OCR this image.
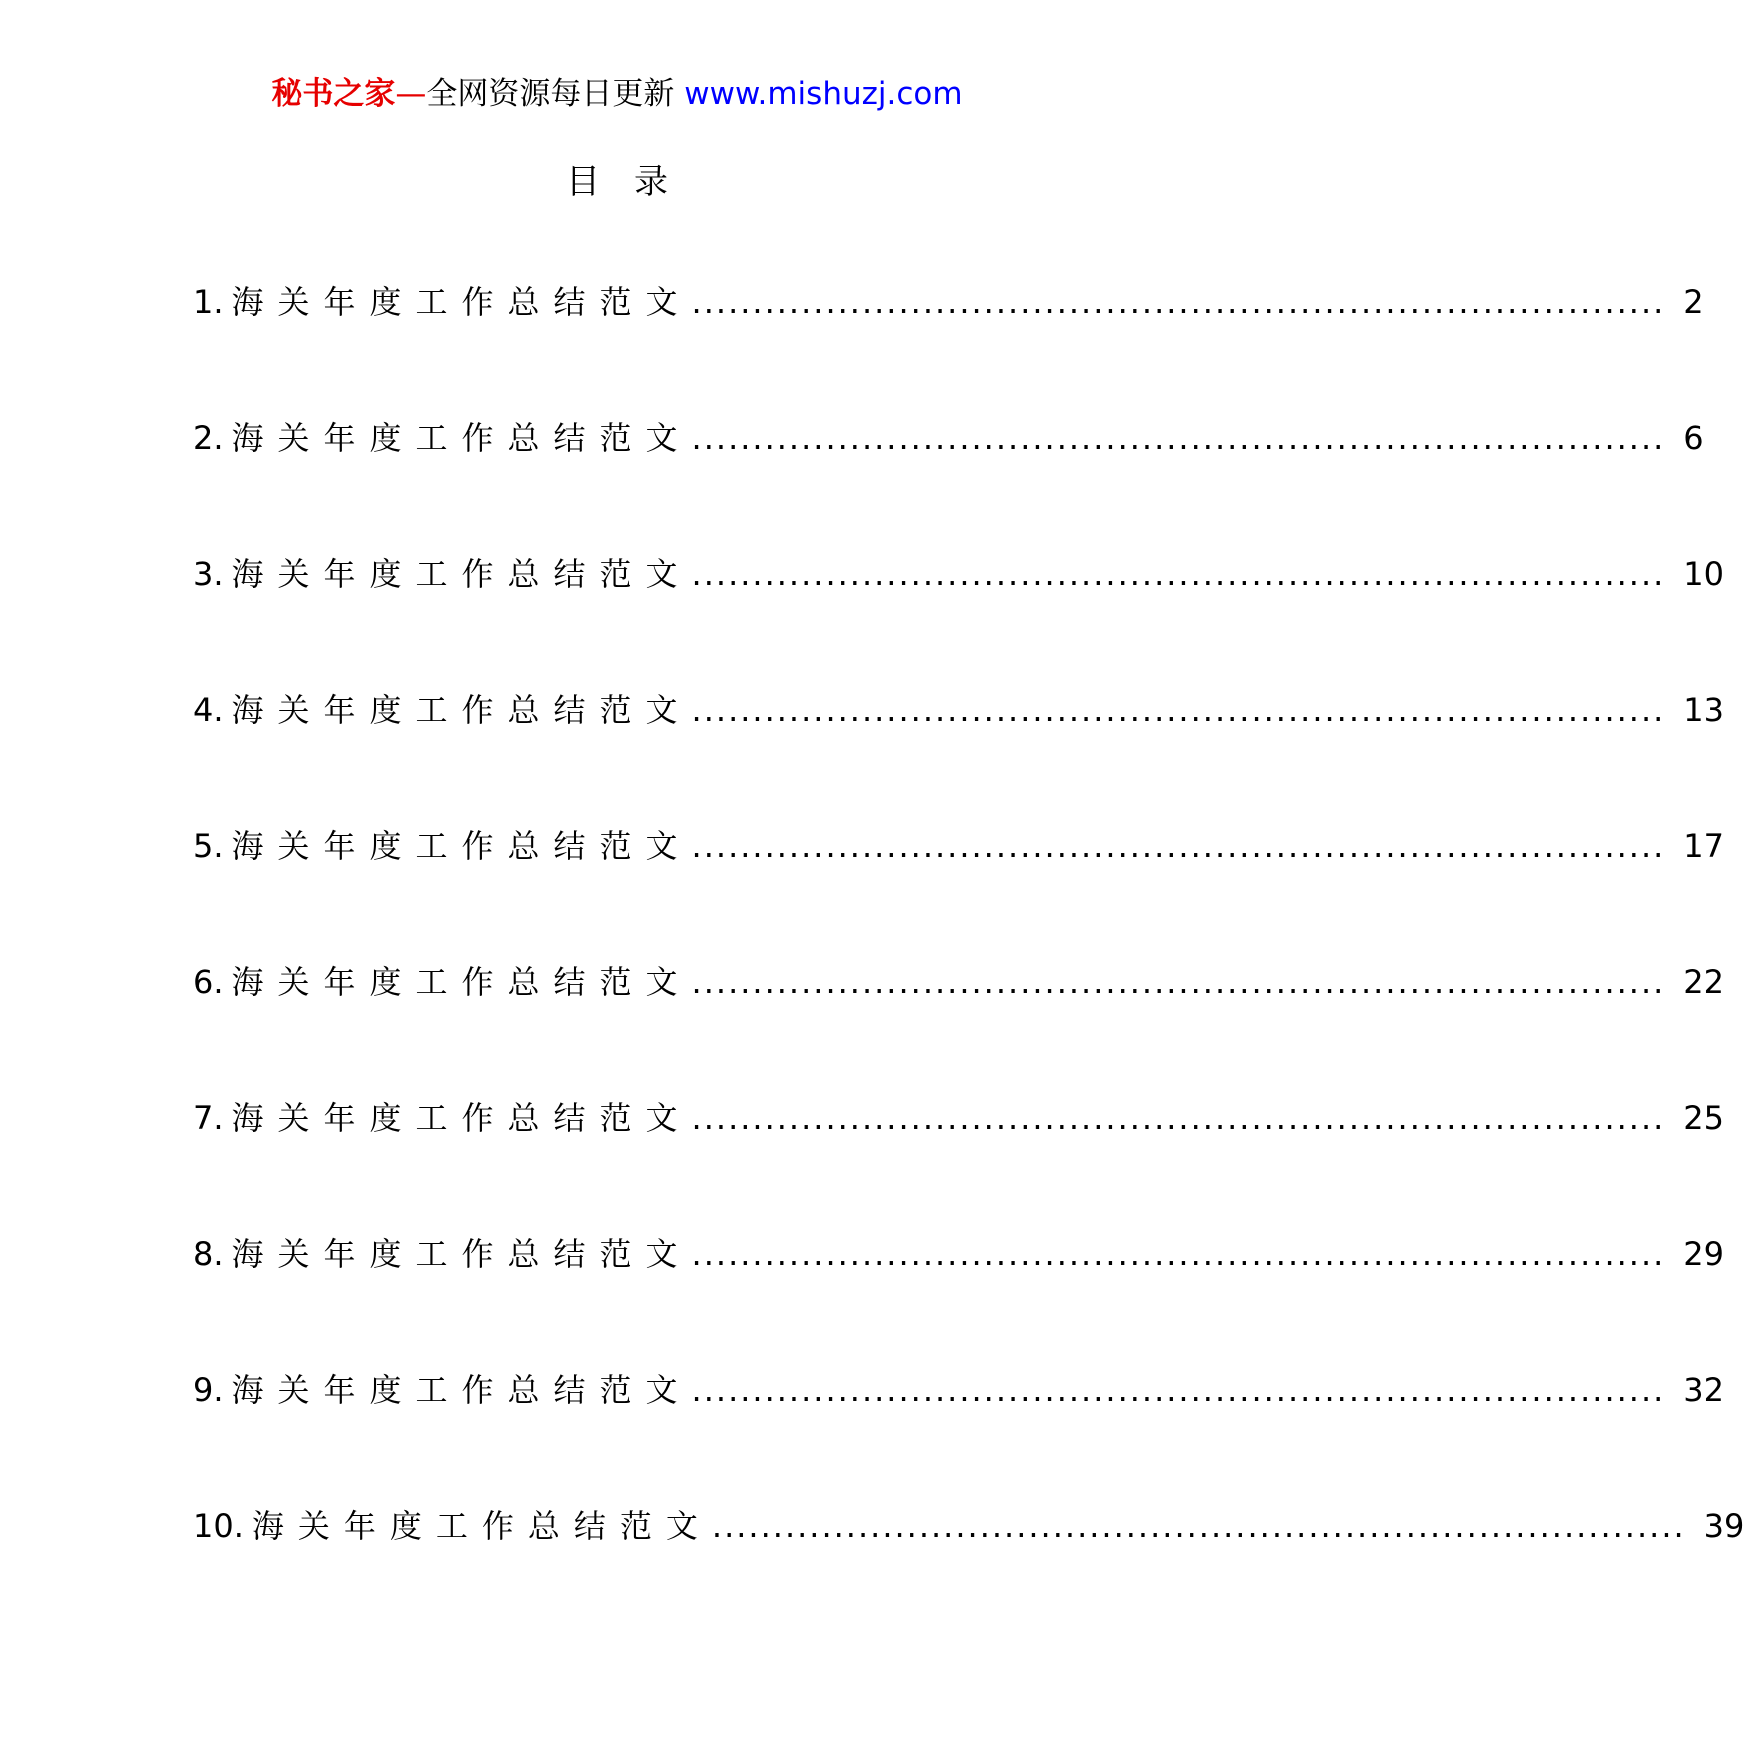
秘书之家—全网资源每日更新 www.mishuzj.com
目录
1. 海关年度工作总结范文 ................................................................................ 2
2. 海关年度工作总结范文 ................................................................................ 6
3. 海关年度工作总结范文 ................................................................................ 10
4. 海关年度工作总结范文 ................................................................................ 13
5. 海关年度工作总结范文 ................................................................................ 17
6. 海关年度工作总结范文 ................................................................................ 22
7. 海关年度工作总结范文 ................................................................................ 25
8. 海关年度工作总结范文 ................................................................................ 29
9. 海关年度工作总结范文 ................................................................................ 32
10. 海关年度工作总结范文 ................................................................................ 39
